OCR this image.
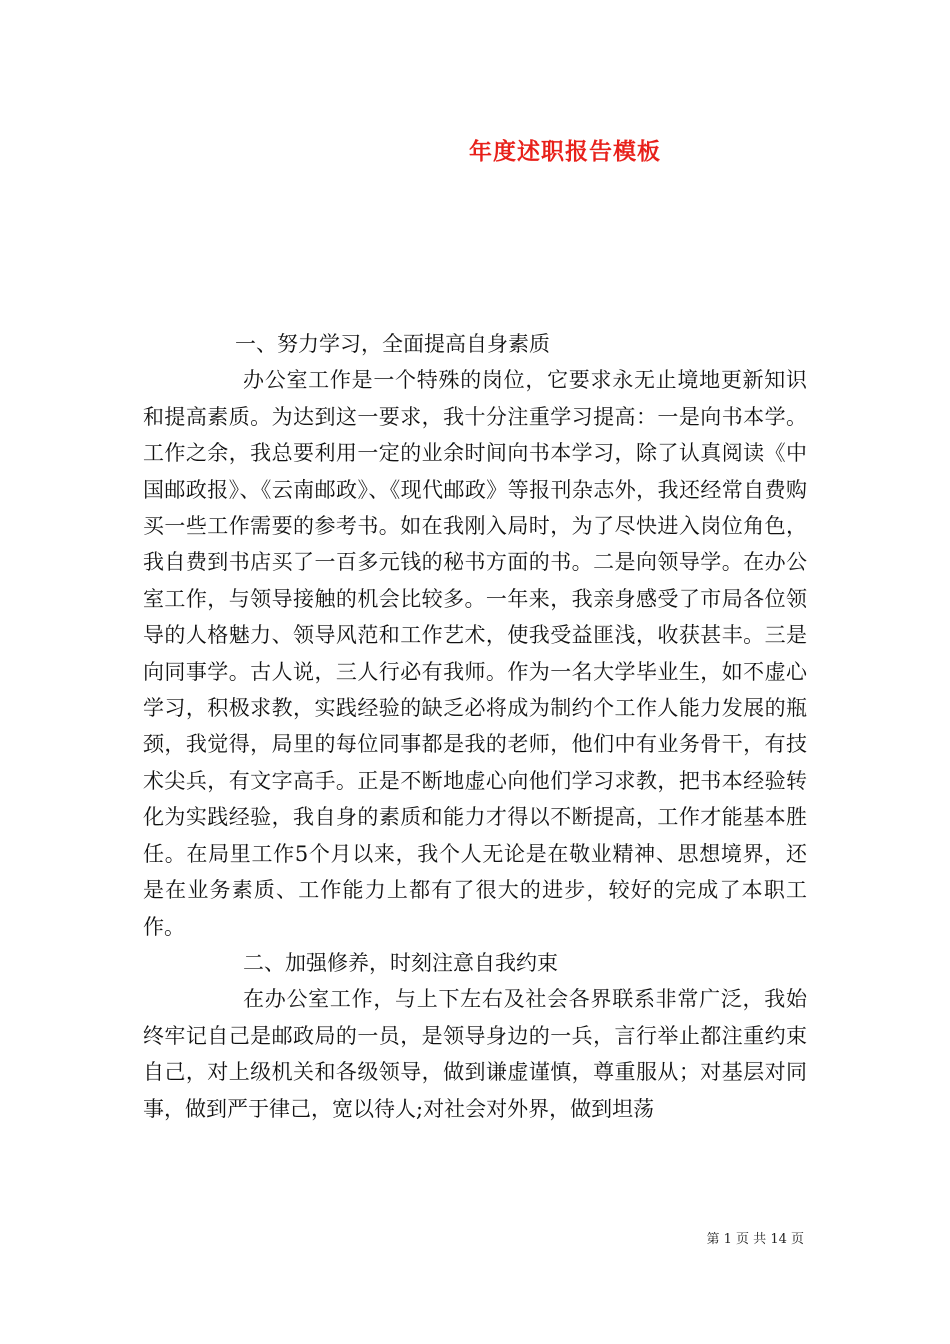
年度述职报告模板

一、努力学习，全面提高自身素质

办公室工作是一个特殊的岗位，它要求永无止境地更新知识和提高素质。为达到这一要求，我十分注重学习提高：一是向书本学。工作之余，我总要利用一定的业余时间向书本学习，除了认真阅读《中国邮政报》、《云南邮政》、《现代邮政》等报刊杂志外，我还经常自费购买一些工作需要的参考书。如在我刚入局时，为了尽快进入岗位角色，我自费到书店买了一百多元钱的秘书方面的书。二是向领导学。在办公室工作，与领导接触的机会比较多。一年来，我亲身感受了市局各位领导的人格魅力、领导风范和工作艺术，使我受益匪浅，收获甚丰。三是向同事学。古人说，三人行必有我师。作为一名大学毕业生，如不虚心学习，积极求教，实践经验的缺乏必将成为制约个工作人能力发展的瓶颈，我觉得，局里的每位同事都是我的老师，他们中有业务骨干，有技术尖兵，有文字高手。正是不断地虚心向他们学习求教，把书本经验转化为实践经验，我自身的素质和能力才得以不断提高，工作才能基本胜任。在局里工作5个月以来，我个人无论是在敬业精神、思想境界，还是在业务素质、工作能力上都有了很大的进步，较好的完成了本职工作。

二、加强修养，时刻注意自我约束

在办公室工作，与上下左右及社会各界联系非常广泛，我始终牢记自己是邮政局的一员，是领导身边的一兵，言行举止都注重约束自己，对上级机关和各级领导，做到谦虚谨慎，尊重服从；对基层对同事，做到严于律己，宽以待人;对社会对外界，做到坦荡

第 1 页 共 14 页
